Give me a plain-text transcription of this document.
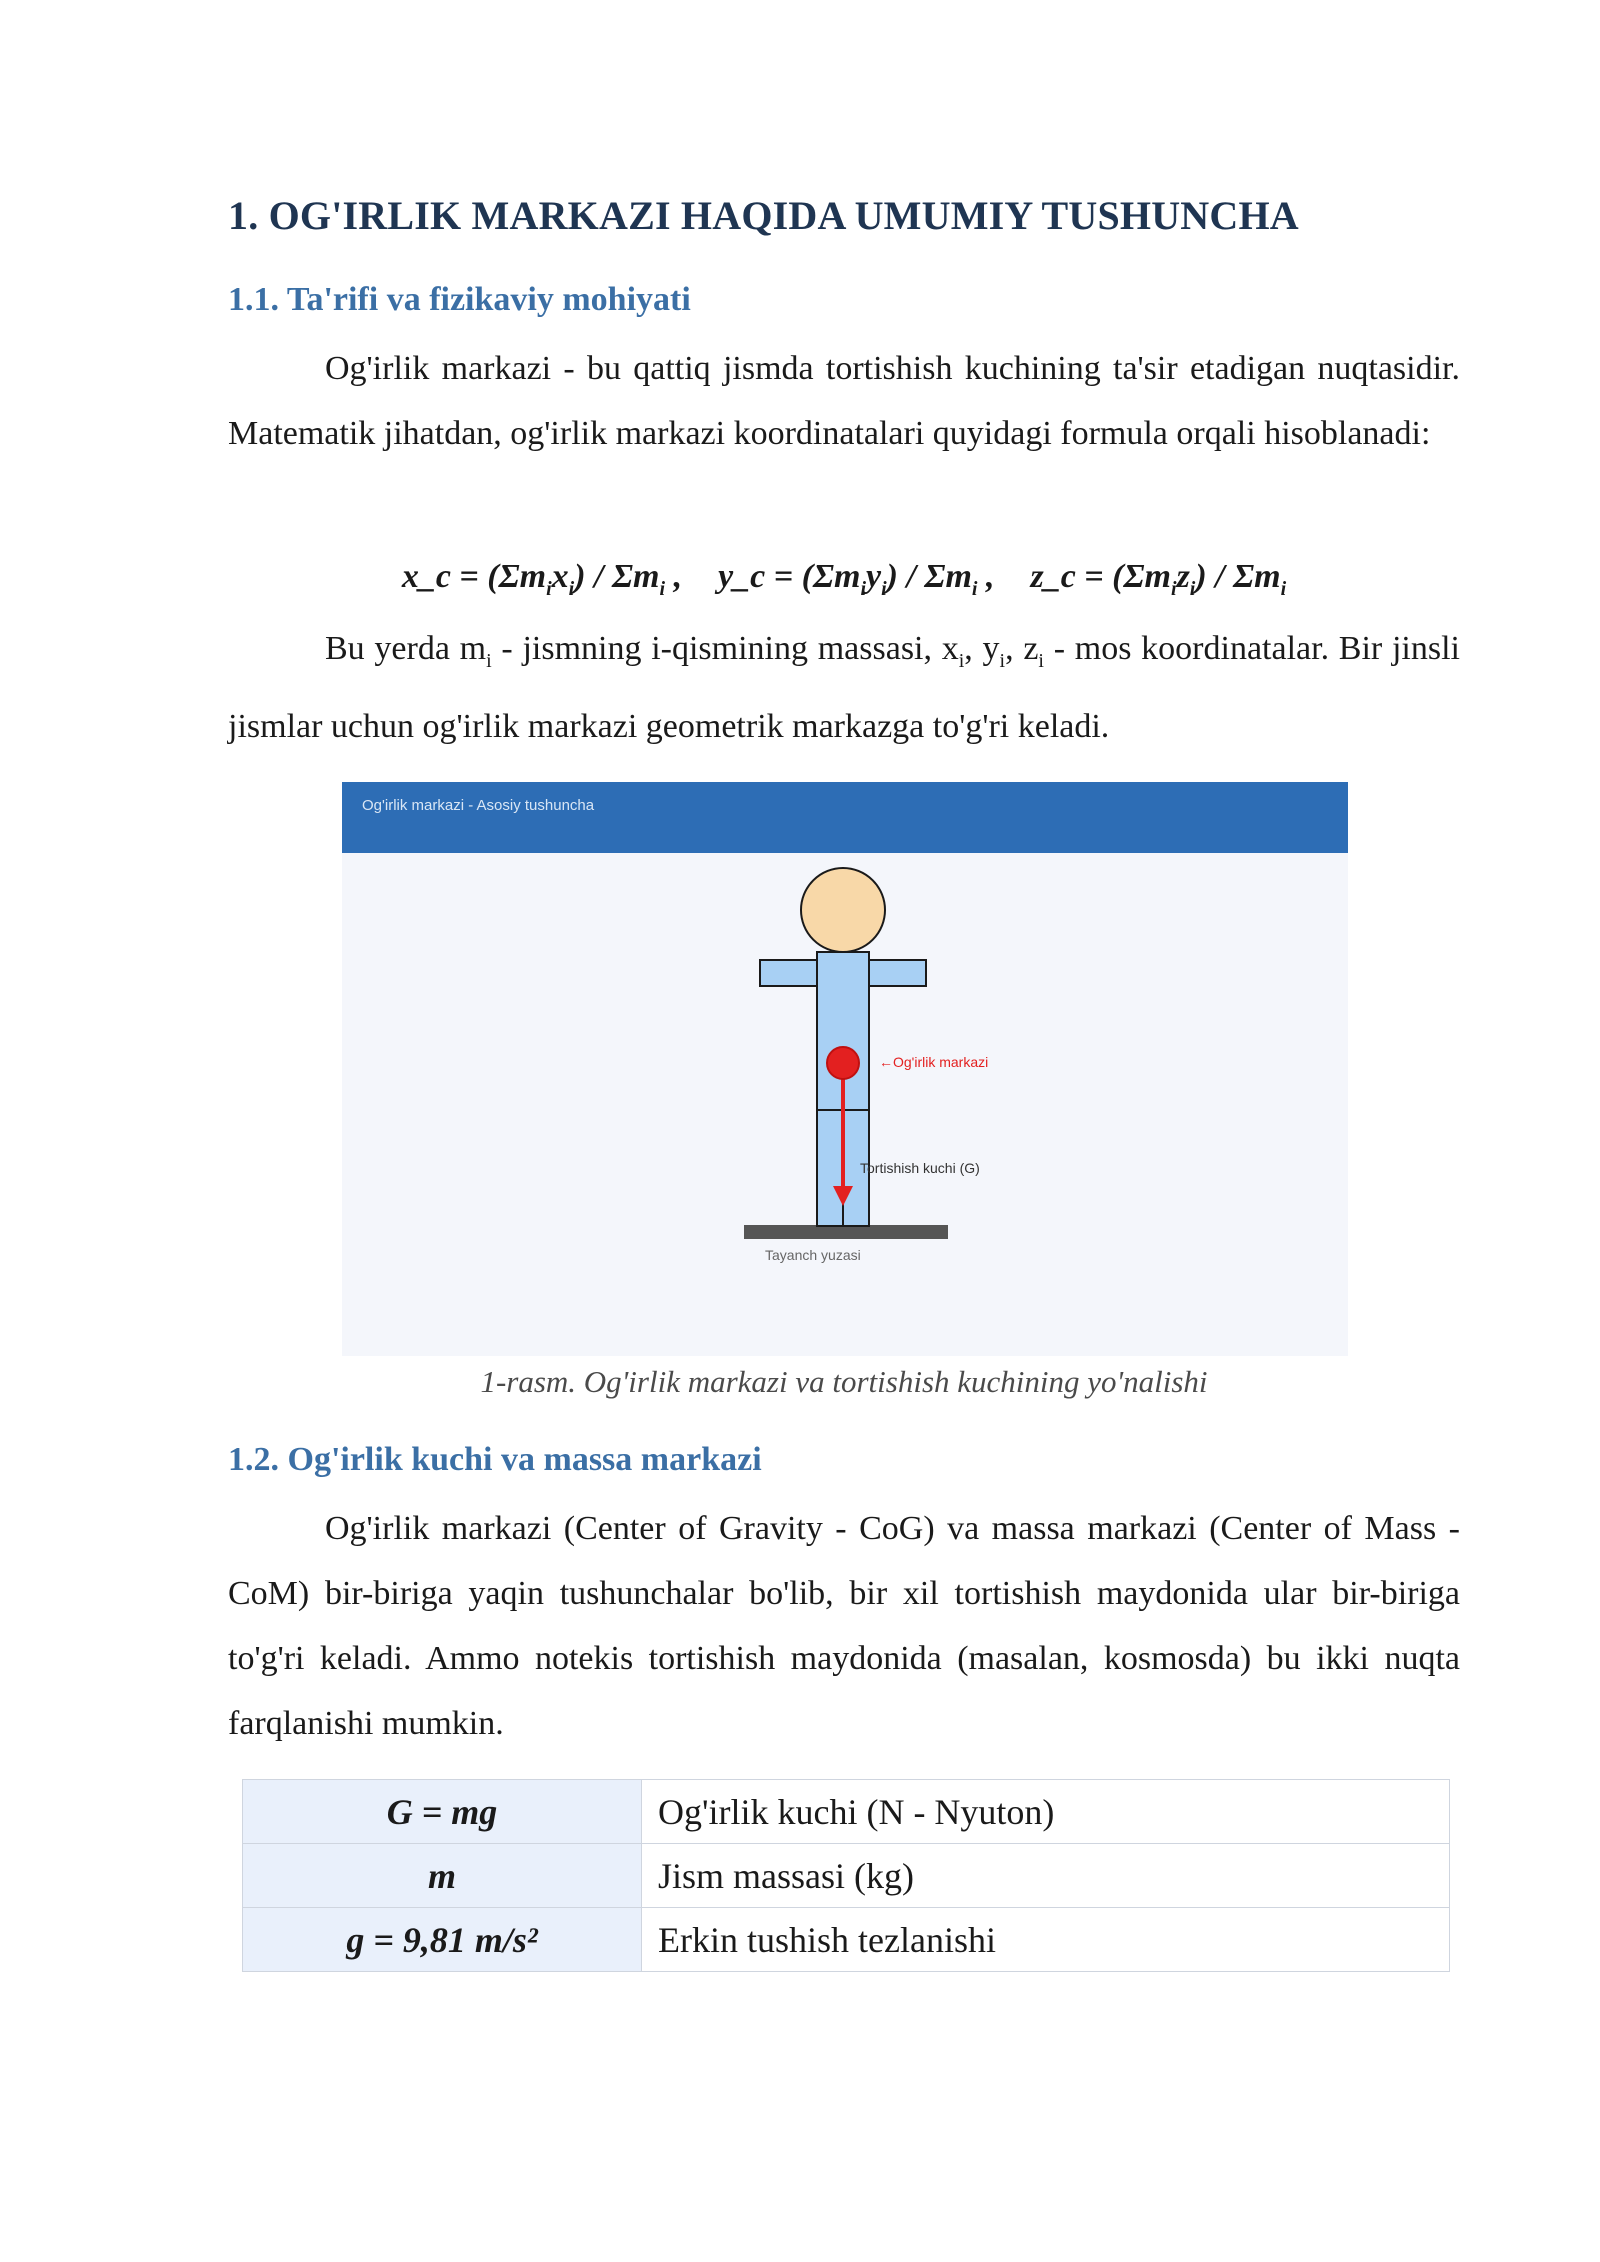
1. OG'IRLIK MARKAZI HAQIDA UMUMIY TUSHUNCHA
1.1. Ta'rifi va fizikaviy mohiyati

Og'irlik markazi - bu qattiq jismda tortishish kuchining ta'sir etadigan nuqtasidir. Matematik jihatdan, og'irlik markazi koordinatalari quyidagi formula orqali hisoblanadi:

x_c = $(\Sigma m_ix_i) / \Sigma m_i$ , y_c = $(\Sigma m_iy_i) / \Sigma m_i$ , z_c = $(\Sigma m_iz_i) / \Sigma m_i$

Bu yerda $m_i$ - jismning i-qismining massasi, $x_i$, $y_i$, $z_i$ - mos koordinatalar. Bir jinsli jismlar uchun og'irlik markazi geometrik markazga to'g'ri keladi.

Og'irlik markazi - Asosiy tushuncha
←Og'irlik markazi
Tortishish kuchi (G)
Tayanch yuzasi
1-rasm. Og'irlik markazi va tortishish kuchining yo'nalishi
1.2. Og'irlik kuchi va massa markazi

Og'irlik markazi (Center of Gravity - CoG) va massa markazi (Center of Mass - CoM) bir-biriga yaqin tushunchalar bo'lib, bir xil tortishish maydonida ular bir-biriga to'g'ri keladi. Ammo notekis tortishish maydonida (masalan, kosmosda) bu ikki nuqta farqlanishi mumkin.

G = mg	Og'irlik kuchi (N - Nyuton)
m	Jism massasi (kg)
g = 9,81 m/s²	Erkin tushish tezlanishi
